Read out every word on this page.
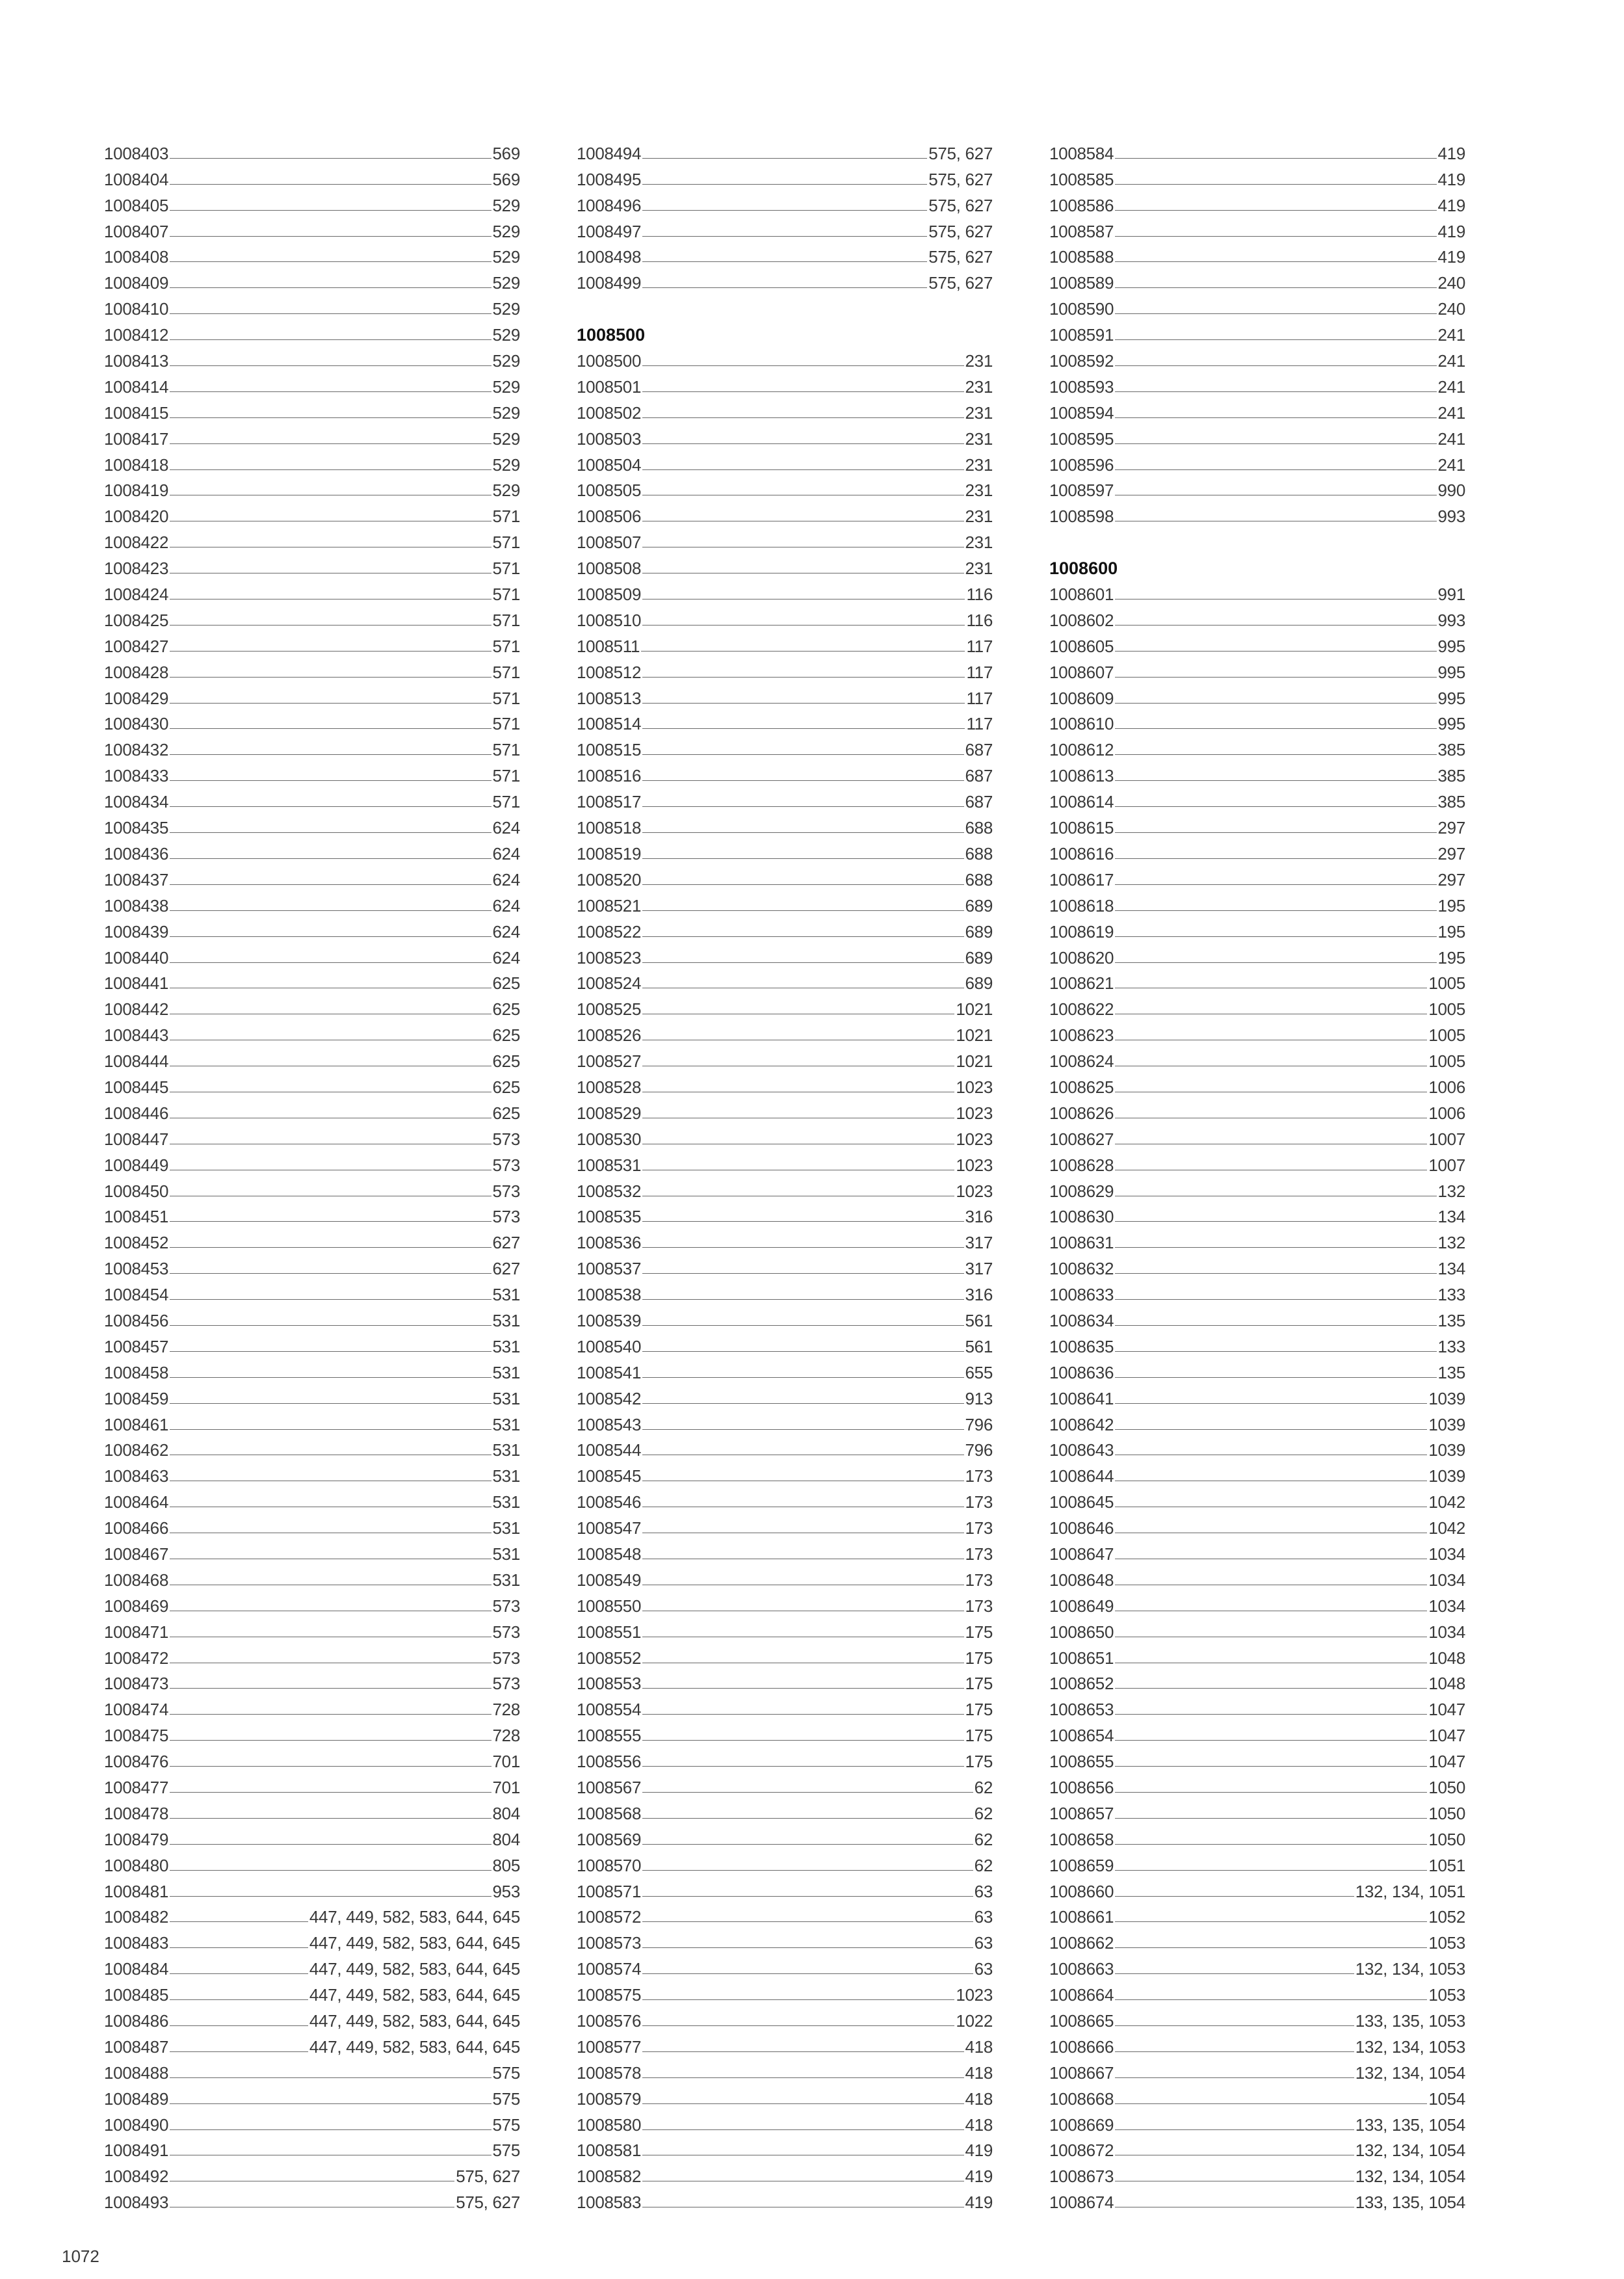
1008403	569
1008404	569
1008405	529
1008407	529
1008408	529
1008409	529
1008410	529
1008412	529
1008413	529
1008414	529
1008415	529
1008417	529
1008418	529
1008419	529
1008420	571
1008422	571
1008423	571
1008424	571
1008425	571
1008427	571
1008428	571
1008429	571
1008430	571
1008432	571
1008433	571
1008434	571
1008435	624
1008436	624
1008437	624
1008438	624
1008439	624
1008440	624
1008441	625
1008442	625
1008443	625
1008444	625
1008445	625
1008446	625
1008447	573
1008449	573
1008450	573
1008451	573
1008452	627
1008453	627
1008454	531
1008456	531
1008457	531
1008458	531
1008459	531
1008461	531
1008462	531
1008463	531
1008464	531
1008466	531
1008467	531
1008468	531
1008469	573
1008471	573
1008472	573
1008473	573
1008474	728
1008475	728
1008476	701
1008477	701
1008478	804
1008479	804
1008480	805
1008481	953
1008482	447, 449, 582, 583, 644, 645
1008483	447, 449, 582, 583, 644, 645
1008484	447, 449, 582, 583, 644, 645
1008485	447, 449, 582, 583, 644, 645
1008486	447, 449, 582, 583, 644, 645
1008487	447, 449, 582, 583, 644, 645
1008488	575
1008489	575
1008490	575
1008491	575
1008492	575, 627
1008493	575, 627
1008494	575, 627
1008495	575, 627
1008496	575, 627
1008497	575, 627
1008498	575, 627
1008499	575, 627
1008500
1008500	231
1008501	231
1008502	231
1008503	231
1008504	231
1008505	231
1008506	231
1008507	231
1008508	231
1008509	116
1008510	116
1008511	117
1008512	117
1008513	117
1008514	117
1008515	687
1008516	687
1008517	687
1008518	688
1008519	688
1008520	688
1008521	689
1008522	689
1008523	689
1008524	689
1008525	1021
1008526	1021
1008527	1021
1008528	1023
1008529	1023
1008530	1023
1008531	1023
1008532	1023
1008535	316
1008536	317
1008537	317
1008538	316
1008539	561
1008540	561
1008541	655
1008542	913
1008543	796
1008544	796
1008545	173
1008546	173
1008547	173
1008548	173
1008549	173
1008550	173
1008551	175
1008552	175
1008553	175
1008554	175
1008555	175
1008556	175
1008567	62
1008568	62
1008569	62
1008570	62
1008571	63
1008572	63
1008573	63
1008574	63
1008575	1023
1008576	1022
1008577	418
1008578	418
1008579	418
1008580	418
1008581	419
1008582	419
1008583	419
1008584	419
1008585	419
1008586	419
1008587	419
1008588	419
1008589	240
1008590	240
1008591	241
1008592	241
1008593	241
1008594	241
1008595	241
1008596	241
1008597	990
1008598	993
1008600
1008601	991
1008602	993
1008605	995
1008607	995
1008609	995
1008610	995
1008612	385
1008613	385
1008614	385
1008615	297
1008616	297
1008617	297
1008618	195
1008619	195
1008620	195
1008621	1005
1008622	1005
1008623	1005
1008624	1005
1008625	1006
1008626	1006
1008627	1007
1008628	1007
1008629	132
1008630	134
1008631	132
1008632	134
1008633	133
1008634	135
1008635	133
1008636	135
1008641	1039
1008642	1039
1008643	1039
1008644	1039
1008645	1042
1008646	1042
1008647	1034
1008648	1034
1008649	1034
1008650	1034
1008651	1048
1008652	1048
1008653	1047
1008654	1047
1008655	1047
1008656	1050
1008657	1050
1008658	1050
1008659	1051
1008660	132, 134, 1051
1008661	1052
1008662	1053
1008663	132, 134, 1053
1008664	1053
1008665	133, 135, 1053
1008666	132, 134, 1053
1008667	132, 134, 1054
1008668	1054
1008669	133, 135, 1054
1008672	132, 134, 1054
1008673	132, 134, 1054
1008674	133, 135, 1054
1072
